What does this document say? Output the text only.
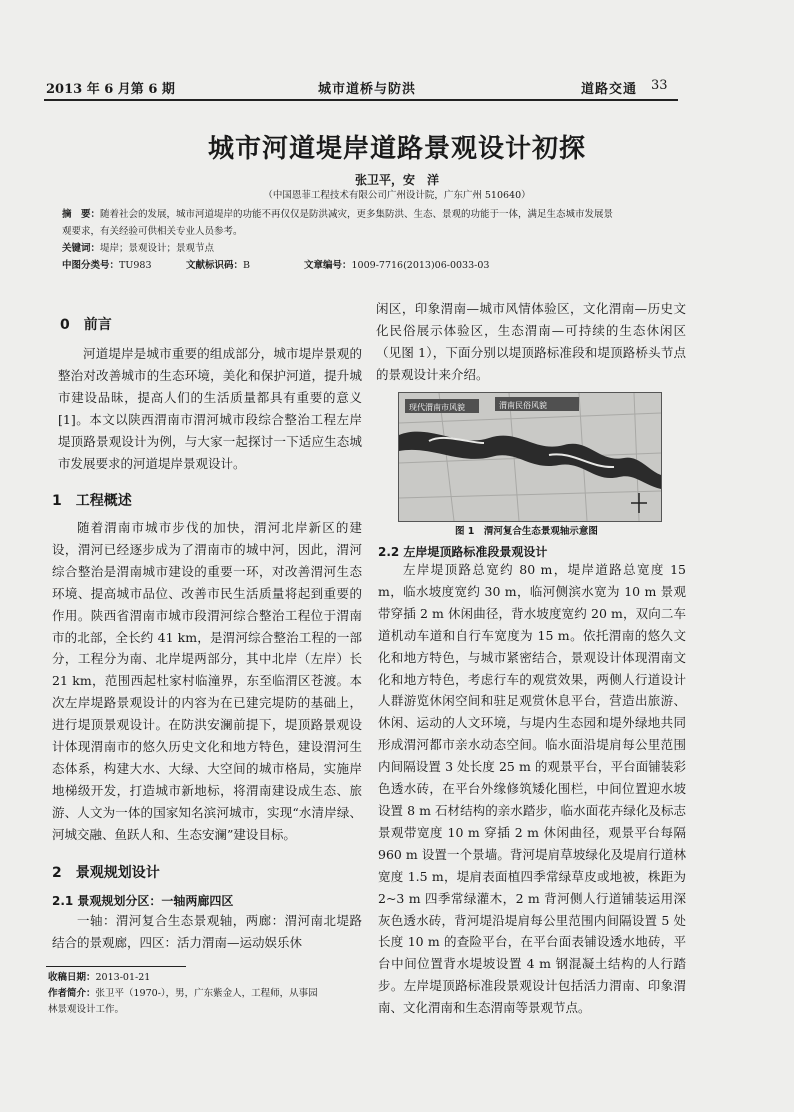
2013 年 6 月第 6 期	城市道桥与防洪	道路交通 33
城市河道堤岸道路景观设计初探
张卫平，安　洋
（中国恩菲工程技术有限公司广州设计院，广东广州 510640）
摘　要：随着社会的发展，城市河道堤岸的功能不再仅仅是防洪减灾，更多集防洪、生态、景观的功能于一体，满足生态城市发展景
观要求，有关经验可供相关专业人员参考。
关键词：堤岸；景观设计；景观节点
中图分类号：TU983	文献标识码：B	文章编号：1009-7716(2013)06-0033-03
0　前言
河道堤岸是城市重要的组成部分，城市堤岸景观的整治对改善城市的生态环境，美化和保护河道，提升城市建设品昧，提高人们的生活质量都具有重要的意义[1]。本文以陕西渭南市渭河城市段综合整治工程左岸堤顶路景观设计为例，与大家一起探讨一下适应生态城市发展要求的河道堤岸景观设计。
1　工程概述
随着渭南市城市步伐的加快，渭河北岸新区的建设，渭河已经逐步成为了渭南市的城中河，因此，渭河综合整治是渭南城市建设的重要一环，对改善渭河生态环境、提高城市品位、改善市民生活质量将起到重要的作用。陕西省渭南市城市段渭河综合整治工程位于渭南市的北部，全长约 41 km，是渭河综合整治工程的一部分，工程分为南、北岸堤两部分，其中北岸（左岸）长 21 km，范围西起杜家村临潼界，东至临渭区苍渡。本次左岸堤路景观设计的内容为在已建完堤防的基础上，进行堤顶景观设计。在防洪安澜前提下，堤顶路景观设计体现渭南市的悠久历史文化和地方特色，建设渭河生态体系，构建大水、大绿、大空间的城市格局，实施岸地梯级开发，打造城市新地标，将渭南建设成生态、旅游、人文为一体的国家知名滨河城市，实现“水清岸绿、河城交融、鱼跃人和、生态安澜”建设目标。
2　景观规划设计
2.1 景观规划分区：一轴两廊四区
一轴：渭河复合生态景观轴，两廊：渭河南北堤路结合的景观廊，四区：活力渭南—运动娱乐休
收稿日期：2013-01-21
作者简介：张卫平（1970-），男，广东紫金人，工程师，从事园
林景观设计工作。
闲区，印象渭南—城市风情体验区，文化渭南—历史文化民俗展示体验区，生态渭南—可持续的生态休闲区（见图 1），下面分别以堤顶路标准段和堤顶路桥头节点的景观设计来介绍。
现代渭南市风貌	渭南民俗风貌
图 1　渭河复合生态景观轴示意图
2.2 左岸堤顶路标准段景观设计
左岸堤顶路总宽约 80 m，堤岸道路总宽度 15 m，临水坡度宽约 30 m，临河侧滨水宽为 10 m 景观带穿插 2 m 休闲曲径，背水坡度宽约 20 m，双向二车道机动车道和自行车宽度为 15 m。依托渭南的悠久文化和地方特色，与城市紧密结合，景观设计体现渭南文化和地方特色，考虑行车的观赏效果，两侧人行道设计人群游览休闲空间和驻足观赏休息平台，营造出旅游、休闲、运动的人文环境，与堤内生态园和堤外绿地共同形成渭河都市亲水动态空间。临水面沿堤肩每公里范围内间隔设置 3 处长度 25 m 的观景平台，平台面铺装彩色透水砖，在平台外缘修筑矮化围栏，中间位置迎水坡设置 8 m 石材结构的亲水踏步，临水面花卉绿化及标志景观带宽度 10 m 穿插 2 m 休闲曲径，观景平台每隔 960 m 设置一个景墙。背河堤肩草坡绿化及堤肩行道林宽度 1.5 m，堤肩表面植四季常绿草皮或地被，株距为 2~3 m 四季常绿灌木，2 m 背河侧人行道铺装运用深灰色透水砖，背河堤沿堤肩每公里范围内间隔设置 5 处长度 10 m 的查险平台，在平台面表铺设透水地砖，平台中间位置背水堤坡设置 4 m 钢混凝土结构的人行踏步。左岸堤顶路标准段景观设计包括活力渭南、印象渭南、文化渭南和生态渭南等景观节点。
